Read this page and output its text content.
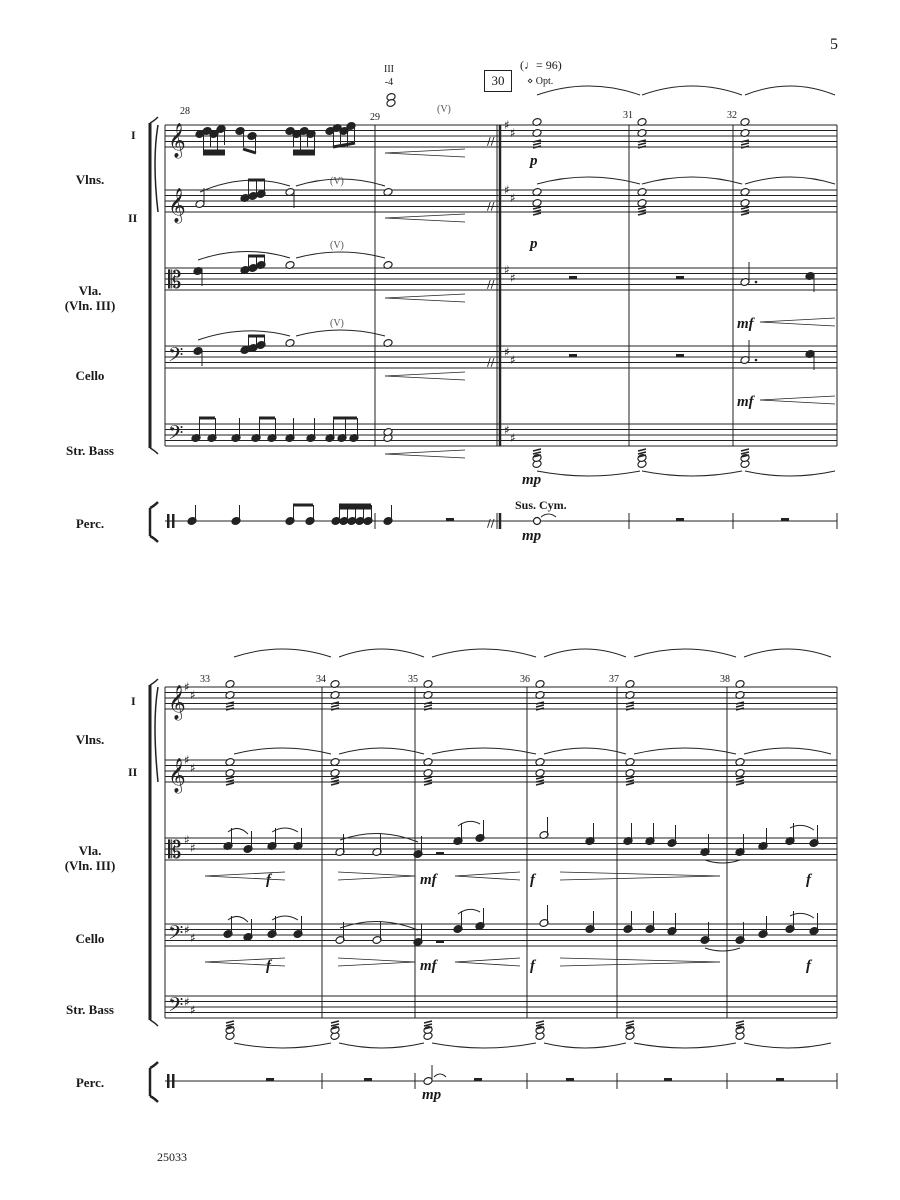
5
30
(♩= 96)
⋄ Opt.
III
-4
(V)
(V)
(V)
(V)
Vlns.
I
II
Vla.
(Vln. III)
Cello
Str. Bass
Perc.
Vlns.
I
II
Vla.
(Vln. III)
Cello
Str. Bass
Perc.
28
29	31	32
33	34	35	36	37	38
p
p
mf
mf
mp
Sus. Cym.
mp
f	mf	f	f
f	mf	f	f
mp
25033
𝄞
𝄞
𝄡
𝄢
𝄢
♯
♯
♯
♯
♯
♯
♯
♯
♯
♯
//
//
//
//
//
𝄞
𝄞
𝄡
𝄢
𝄢
♯
♯
♯
♯
♯
♯
♯
♯
♯
♯
